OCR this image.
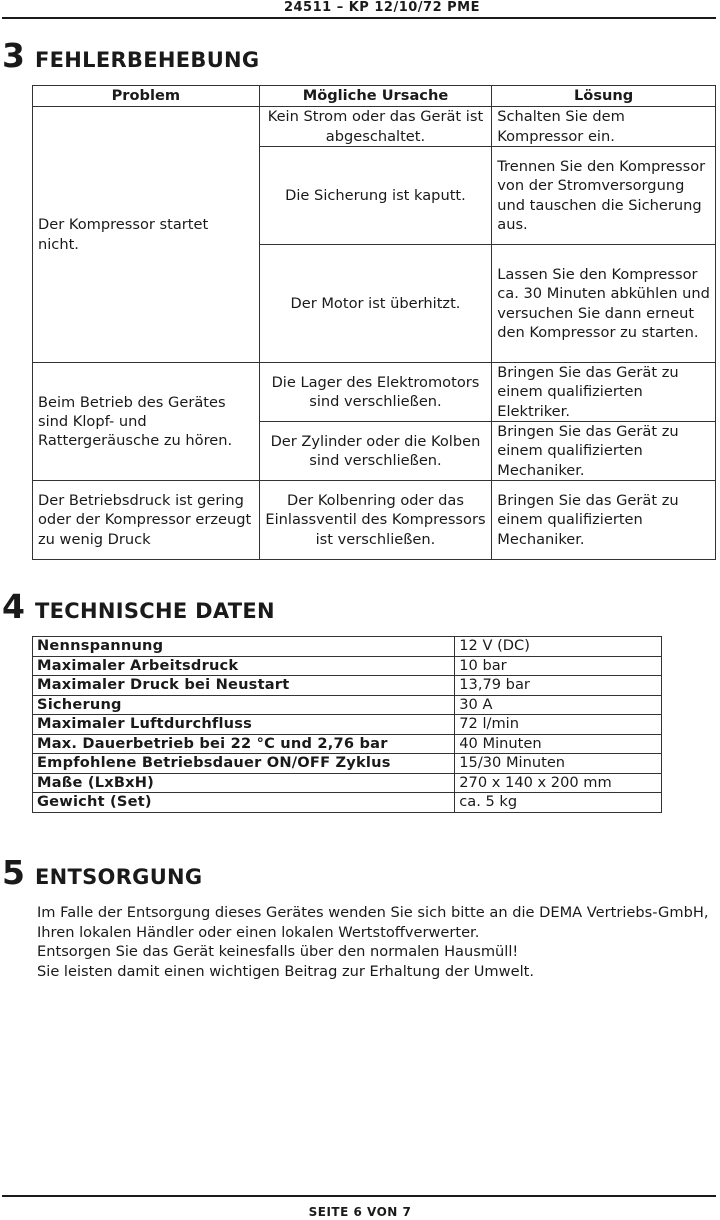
24511 – KP 12/10/72 PME
3 FEHLERBEHEBUNG
Problem	Mögliche Ursache	Lösung
Der Kompressor startet nicht.	Kein Strom oder das Gerät ist abgeschaltet.	Schalten Sie dem Kompressor ein.
	Die Sicherung ist kaputt.	Trennen Sie den Kompressor von der Stromversorgung und tauschen die Sicherung aus.
	Der Motor ist überhitzt.	Lassen Sie den Kompressor ca. 30 Minuten abkühlen und versuchen Sie dann erneut den Kompressor zu starten.
Beim Betrieb des Gerätes sind Klopf- und Rattergeräusche zu hören.	Die Lager des Elektromotors sind verschließen.	Bringen Sie das Gerät zu einem qualifizierten Elektriker.
	Der Zylinder oder die Kolben sind verschließen.	Bringen Sie das Gerät zu einem qualifizierten Mechaniker.
Der Betriebsdruck ist gering oder der Kompressor erzeugt zu wenig Druck	Der Kolbenring oder das Einlassventil des Kompressors ist verschließen.	Bringen Sie das Gerät zu einem qualifizierten Mechaniker.
4 TECHNISCHE DATEN
Nennspannung	12 V (DC)
Maximaler Arbeitsdruck	10 bar
Maximaler Druck bei Neustart	13,79 bar
Sicherung	30 A
Maximaler Luftdurchfluss	72 l/min
Max. Dauerbetrieb bei 22 °C und 2,76 bar	40 Minuten
Empfohlene Betriebsdauer ON/OFF Zyklus	15/30 Minuten
Maße (LxBxH)	270 x 140 x 200 mm
Gewicht (Set)	ca. 5 kg
5 ENTSORGUNG

Im Falle der Entsorgung dieses Gerätes wenden Sie sich bitte an die DEMA Vertriebs-GmbH, Ihren lokalen Händler oder einen lokalen Wertstoffverwerter.

Entsorgen Sie das Gerät keinesfalls über den normalen Hausmüll!

Sie leisten damit einen wichtigen Beitrag zur Erhaltung der Umwelt.

SEITE 6 VON 7
